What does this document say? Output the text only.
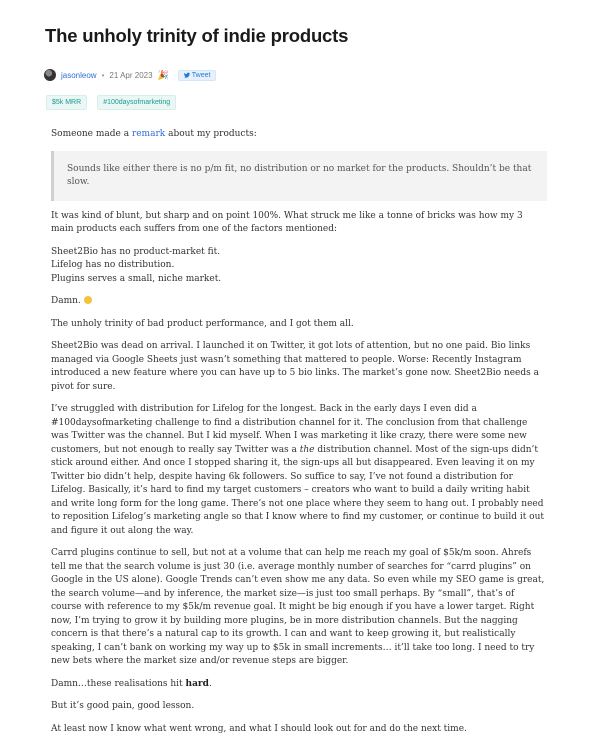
The unholy trinity of indie products
jasonleow • 21 Apr 2023 🎉	Tweet
$5k MRR	#100daysofmarketing

Someone made a remark about my products:

Sounds like either there is no p/m fit, no distribution or no market for the products. Shouldn’t be that slow.

It was kind of blunt, but sharp and on point 100%. What struck me like a tonne of bricks was how my 3 main products each suffers from one of the factors mentioned:

Sheet2Bio has no product-market fit.
Lifelog has no distribution.
Plugins serves a small, niche market.

Damn.

The unholy trinity of bad product performance, and I got them all.

Sheet2Bio was dead on arrival. I launched it on Twitter, it got lots of attention, but no one paid. Bio links managed via Google Sheets just wasn’t something that mattered to people. Worse: Recently Instagram introduced a new feature where you can have up to 5 bio links. The market’s gone now. Sheet2Bio needs a pivot for sure.

I’ve struggled with distribution for Lifelog for the longest. Back in the early days I even did a #100daysofmarketing challenge to find a distribution channel for it. The conclusion from that challenge was Twitter was the channel. But I kid myself. When I was marketing it like crazy, there were some new customers, but not enough to really say Twitter was a the distribution channel. Most of the sign-ups didn’t stick around either. And once I stopped sharing it, the sign-ups all but disappeared. Even leaving it on my Twitter bio didn’t help, despite having 6k followers. So suffice to say, I’ve not found a distribution for Lifelog. Basically, it’s hard to find my target customers – creators who want to build a daily writing habit and write long form for the long game. There’s not one place where they seem to hang out. I probably need to reposition Lifelog’s marketing angle so that I know where to find my customer, or continue to build it out and figure it out along the way.

Carrd plugins continue to sell, but not at a volume that can help me reach my goal of $5k/m soon. Ahrefs tell me that the search volume is just 30 (i.e. average monthly number of searches for “carrd plugins” on Google in the US alone). Google Trends can’t even show me any data. So even while my SEO game is great, the search volume—and by inference, the market size—is just too small perhaps. By “small”, that’s of course with reference to my $5k/m revenue goal. It might be big enough if you have a lower target. Right now, I’m trying to grow it by building more plugins, be in more distribution channels. But the nagging concern is that there’s a natural cap to its growth. I can and want to keep growing it, but realistically speaking, I can’t bank on working my way up to $5k in small increments… it’ll take too long. I need to try new bets where the market size and/or revenue steps are bigger.

Damn…these realisations hit hard.

But it’s good pain, good lesson.

At least now I know what went wrong, and what I should look out for and do the next time.
